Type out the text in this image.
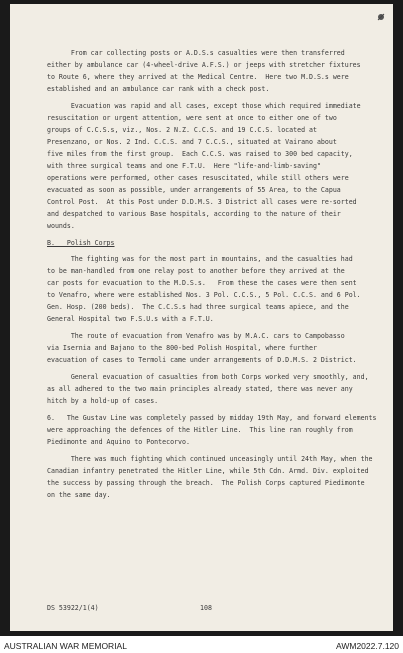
From car collecting posts or A.D.S.s casualties were then transferred
either by ambulance car (4-wheel-drive A.F.S.) or jeeps with stretcher fixtures
to Route 6, where they arrived at the Medical Centre.  Here two M.D.S.s were
established and an ambulance car rank with a check post.
Evacuation was rapid and all cases, except those which required immediate
resuscitation or urgent attention, were sent at once to either one of two
groups of C.C.S.s, viz., Nos. 2 N.Z. C.C.S. and 19 C.C.S. located at
Presenzano, or Nos. 2 Ind. C.C.S. and 7 C.C.S., situated at Vairano about
five miles from the first group.  Each C.C.S. was raised to 300 bed capacity,
with three surgical teams and one F.T.U.  Here "life-and-limb-saving"
operations were performed, other cases resuscitated, while still others were
evacuated as soon as possible, under arrangements of 55 Area, to the Capua
Control Post.  At this Post under D.D.M.S. 3 District all cases were re-sorted
and despatched to various Base hospitals, according to the nature of their
wounds.
B.   Polish Corps
The fighting was for the most part in mountains, and the casualties had
to be man-handled from one relay post to another before they arrived at the
car posts for evacuation to the M.D.S.s.   From these the cases were then sent
to Venafro, where were established Nos. 3 Pol. C.C.S., 5 Pol. C.C.S. and 6 Pol.
Gen. Hosp. (200 beds).  The C.C.S.s had three surgical teams apiece, and the
General Hospital two F.S.U.s with a F.T.U.
The route of evacuation from Venafro was by M.A.C. cars to Campobasso
via Isernia and Bajano to the 800-bed Polish Hospital, where further
evacuation of cases to Termoli came under arrangements of D.D.M.S. 2 District.
General evacuation of casualties from both Corps worked very smoothly, and,
as all adhered to the two main principles already stated, there was never any
hitch by a hold-up of cases.
6.   The Gustav Line was completely passed by midday 19th May, and forward elements
were approaching the defences of the Hitler Line.  This line ran roughly from
Piedimonte and Aquino to Pontecorvo.
There was much fighting which continued unceasingly until 24th May, when the
Canadian infantry penetrated the Hitler Line, while 5th Cdn. Armd. Div. exploited
the success by passing through the breach.  The Polish Corps captured Piedimonte
on the same day.
DS 53922/1(4)	108
AUSTRALIAN WAR MEMORIAL	AWM2022.7.120
